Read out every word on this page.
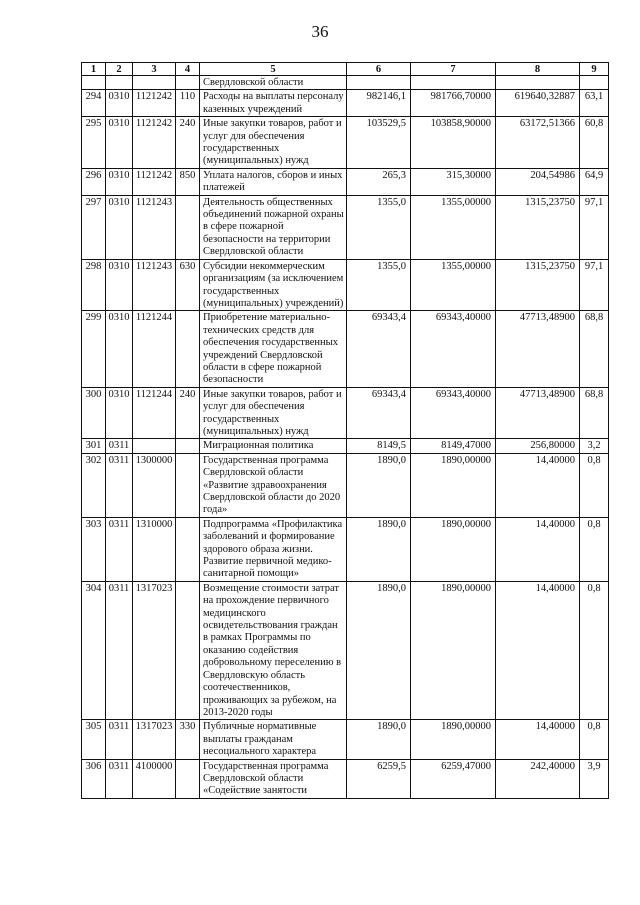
36
1	2	3	4	5	6	7	8	9
				Свердловской области				
294	0310	1121242	110	Расходы на выплаты персоналу казенных учреждений	982146,1	981766,70000	619640,32887	63,1
295	0310	1121242	240	Иные закупки товаров, работ и услуг для обеспечения государственных (муниципальных) нужд	103529,5	103858,90000	63172,51366	60,8
296	0310	1121242	850	Уплата налогов, сборов и иных платежей	265,3	315,30000	204,54986	64,9
297	0310	1121243		Деятельность общественных объединений пожарной охраны в сфере пожарной безопасности на территории Свердловской области	1355,0	1355,00000	1315,23750	97,1
298	0310	1121243	630	Субсидии некоммерческим организациям (за исключением государственных (муниципальных) учреждений)	1355,0	1355,00000	1315,23750	97,1
299	0310	1121244		Приобретение материально-технических средств для обеспечения государственных учреждений Свердловской области в сфере пожарной безопасности	69343,4	69343,40000	47713,48900	68,8
300	0310	1121244	240	Иные закупки товаров, работ и услуг для обеспечения государственных (муниципальных) нужд	69343,4	69343,40000	47713,48900	68,8
301	0311			Миграционная политика	8149,5	8149,47000	256,80000	3,2
302	0311	1300000		Государственная программа Свердловской области «Развитие здравоохранения Свердловской области до 2020 года»	1890,0	1890,00000	14,40000	0,8
303	0311	1310000		Подпрограмма «Профилактика заболеваний и формирование здорового образа жизни. Развитие первичной медико-санитарной помощи»	1890,0	1890,00000	14,40000	0,8
304	0311	1317023		Возмещение стоимости затрат на прохождение первичного медицинского освидетельствования граждан в рамках Программы по оказанию содействия добровольному переселению в Свердловскую область соотечественников, проживающих за рубежом, на 2013-2020 годы	1890,0	1890,00000	14,40000	0,8
305	0311	1317023	330	Публичные нормативные выплаты гражданам несоциального характера	1890,0	1890,00000	14,40000	0,8
306	0311	4100000		Государственная программа Свердловской области «Содействие занятости	6259,5	6259,47000	242,40000	3,9
